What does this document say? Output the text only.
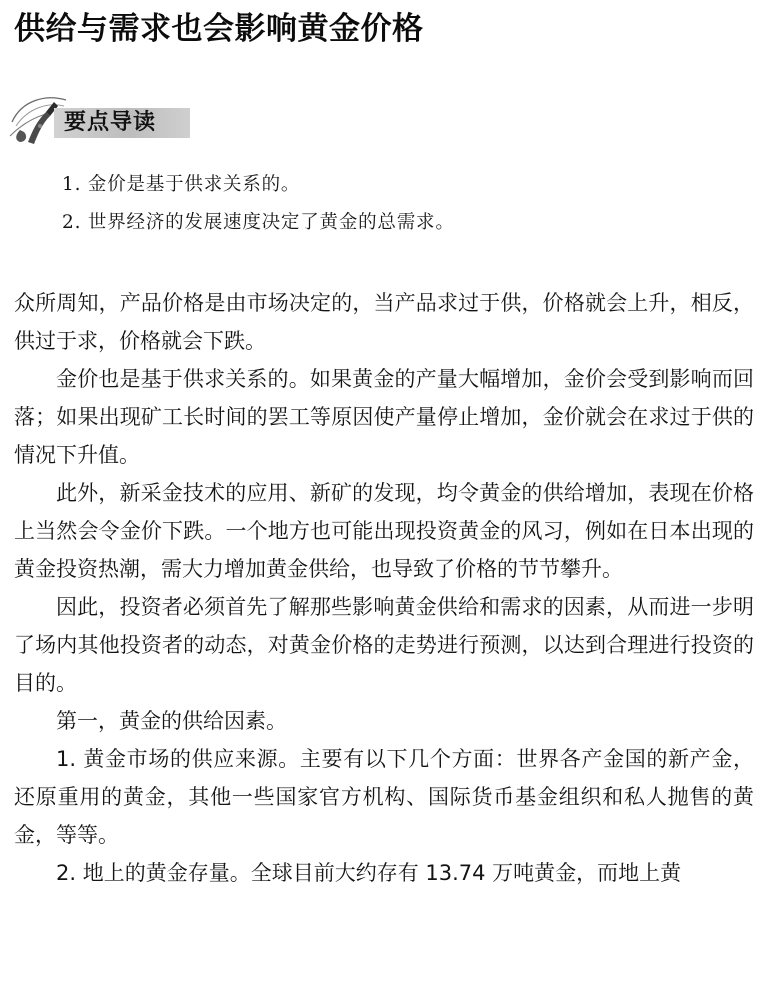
供给与需求也会影响黄金价格
要点导读
1. 金价是基于供求关系的。
2. 世界经济的发展速度决定了黄金的总需求。

众所周知，产品价格是由市场决定的，当产品求过于供，价格就会上升，相反，供过于求，价格就会下跌。

金价也是基于供求关系的。如果黄金的产量大幅增加，金价会受到影响而回落；如果出现矿工长时间的罢工等原因使产量停止增加，金价就会在求过于供的情况下升值。

此外，新采金技术的应用、新矿的发现，均令黄金的供给增加，表现在价格上当然会令金价下跌。一个地方也可能出现投资黄金的风习，例如在日本出现的黄金投资热潮，需大力增加黄金供给，也导致了价格的节节攀升。

因此，投资者必须首先了解那些影响黄金供给和需求的因素，从而进一步明了场内其他投资者的动态，对黄金价格的走势进行预测，以达到合理进行投资的目的。

第一，黄金的供给因素。

1. 黄金市场的供应来源。主要有以下几个方面：世界各产金国的新产金，还原重用的黄金，其他一些国家官方机构、国际货币基金组织和私人抛售的黄金，等等。

2. 地上的黄金存量。全球目前大约存有 13.74 万吨黄金，而地上黄
